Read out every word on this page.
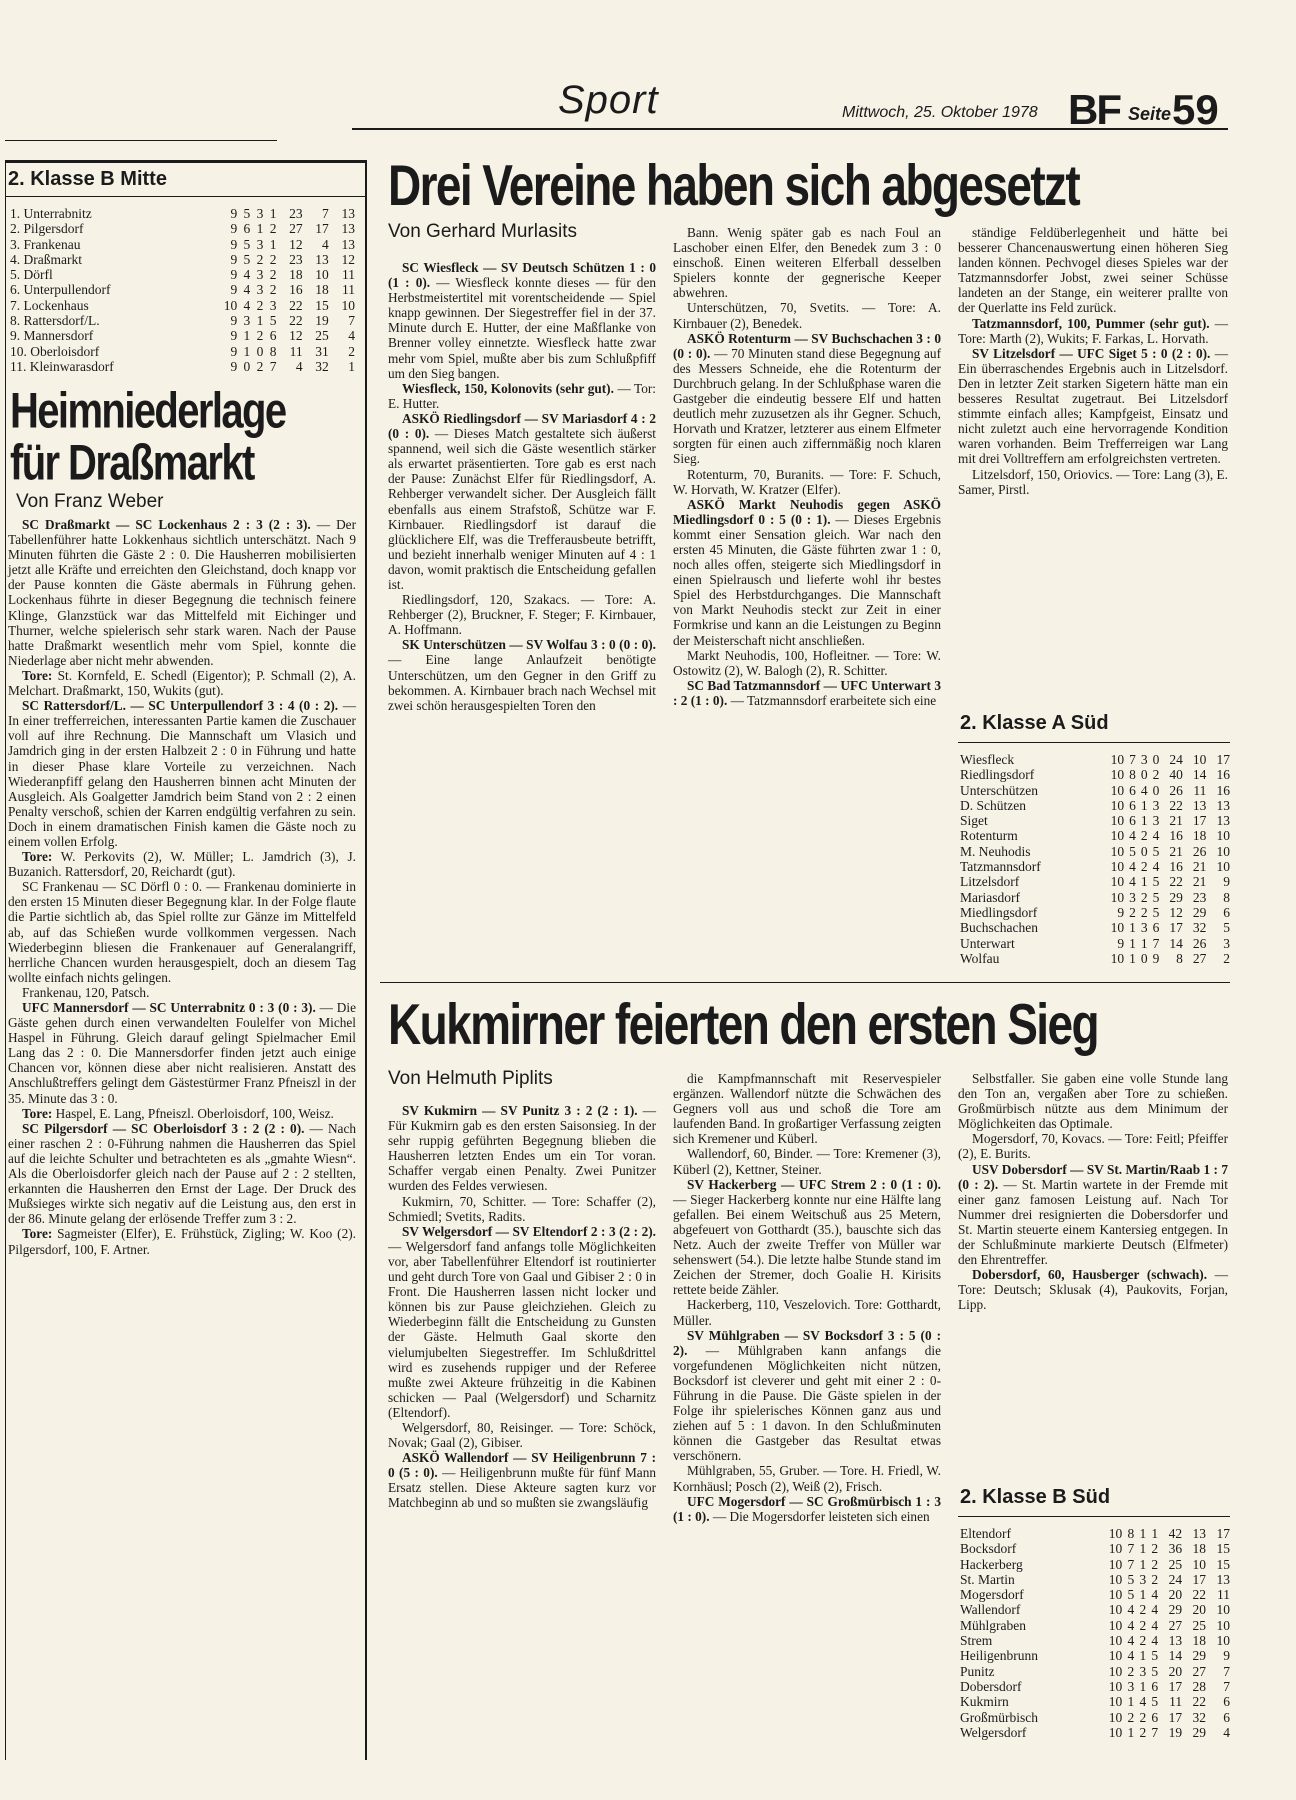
Sport	Mittwoch, 25. Oktober 1978 BF Seite 59
2. Klasse B Mitte
1. Unterrabnitz	9	5	3	1	23	7	13
2. Pilgersdorf	9	6	1	2	27	17	13
3. Frankenau	9	5	3	1	12	4	13
4. Draßmarkt	9	5	2	2	23	13	12
5. Dörfl	9	4	3	2	18	10	11
6. Unterpullendorf	9	4	3	2	16	18	11
7. Lockenhaus	10	4	2	3	22	15	10
8. Rattersdorf/L.	9	3	1	5	22	19	7
9. Mannersdorf	9	1	2	6	12	25	4
10. Oberloisdorf	9	1	0	8	11	31	2
11. Kleinwarasdorf	9	0	2	7	4	32	1
Heimniederlage
für Draßmarkt
Von Franz Weber

SC Draßmarkt — SC Lockenhaus 2 : 3 (2 : 3). — Der Tabellenführer hatte Lokkenhaus sichtlich unterschätzt. Nach 9 Minuten führten die Gäste 2 : 0. Die Hausherren mobilisierten jetzt alle Kräfte und erreichten den Gleichstand, doch knapp vor der Pause konnten die Gäste abermals in Führung gehen. Lockenhaus führte in dieser Begegnung die technisch feinere Klinge, Glanzstück war das Mittelfeld mit Eichinger und Thurner, welche spielerisch sehr stark waren. Nach der Pause hatte Draßmarkt wesentlich mehr vom Spiel, konnte die Niederlage aber nicht mehr abwenden.

Tore: St. Kornfeld, E. Schedl (Eigentor); P. Schmall (2), A. Melchart. Draßmarkt, 150, Wukits (gut).

SC Rattersdorf/L. — SC Unterpullendorf 3 : 4 (0 : 2). — In einer trefferreichen, interessanten Partie kamen die Zuschauer voll auf ihre Rechnung. Die Mannschaft um Vlasich und Jamdrich ging in der ersten Halbzeit 2 : 0 in Führung und hatte in dieser Phase klare Vorteile zu verzeichnen. Nach Wiederanpfiff gelang den Hausherren binnen acht Minuten der Ausgleich. Als Goalgetter Jamdrich beim Stand von 2 : 2 einen Penalty verschoß, schien der Karren endgültig verfahren zu sein. Doch in einem dramatischen Finish kamen die Gäste noch zu einem vollen Erfolg.

Tore: W. Perkovits (2), W. Müller; L. Jamdrich (3), J. Buzanich. Rattersdorf, 20, Reichardt (gut).

SC Frankenau — SC Dörfl 0 : 0. — Frankenau dominierte in den ersten 15 Minuten dieser Begegnung klar. In der Folge flaute die Partie sichtlich ab, das Spiel rollte zur Gänze im Mittelfeld ab, auf das Schießen wurde vollkommen vergessen. Nach Wiederbeginn bliesen die Frankenauer auf Generalangriff, herrliche Chancen wurden herausgespielt, doch an diesem Tag wollte einfach nichts gelingen.

Frankenau, 120, Patsch.

UFC Mannersdorf — SC Unterrabnitz 0 : 3 (0 : 3). — Die Gäste gehen durch einen verwandelten Foulelfer von Michel Haspel in Führung. Gleich darauf gelingt Spielmacher Emil Lang das 2 : 0. Die Mannersdorfer finden jetzt auch einige Chancen vor, können diese aber nicht realisieren. Anstatt des Anschlußtreffers gelingt dem Gästestürmer Franz Pfneiszl in der 35. Minute das 3 : 0.

Tore: Haspel, E. Lang, Pfneiszl. Oberloisdorf, 100, Weisz.

SC Pilgersdorf — SC Oberloisdorf 3 : 2 (2 : 0). — Nach einer raschen 2 : 0-Führung nahmen die Hausherren das Spiel auf die leichte Schulter und betrachteten es als „gmahte Wiesn“. Als die Oberloisdorfer gleich nach der Pause auf 2 : 2 stellten, erkannten die Hausherren den Ernst der Lage. Der Druck des Mußsieges wirkte sich negativ auf die Leistung aus, den erst in der 86. Minute gelang der erlösende Treffer zum 3 : 2.

Tore: Sagmeister (Elfer), E. Frühstück, Zigling; W. Koo (2). Pilgersdorf, 100, F. Artner.

Drei Vereine haben sich abgesetzt
Von Gerhard Murlasits

SC Wiesfleck — SV Deutsch Schützen 1 : 0 (1 : 0). — Wiesfleck konnte dieses — für den Herbstmeistertitel mit vorentscheidende — Spiel knapp gewinnen. Der Siegestreffer fiel in der 37. Minute durch E. Hutter, der eine Maßflanke von Brenner volley einnetzte. Wiesfleck hatte zwar mehr vom Spiel, mußte aber bis zum Schlußpfiff um den Sieg bangen.

Wiesfleck, 150, Kolonovits (sehr gut). — Tor: E. Hutter.

ASKÖ Riedlingsdorf — SV Mariasdorf 4 : 2 (0 : 0). — Dieses Match gestaltete sich äußerst spannend, weil sich die Gäste wesentlich stärker als erwartet präsentierten. Tore gab es erst nach der Pause: Zunächst Elfer für Riedlingsdorf, A. Rehberger verwandelt sicher. Der Ausgleich fällt ebenfalls aus einem Strafstoß, Schütze war F. Kirnbauer. Riedlingsdorf ist darauf die glücklichere Elf, was die Trefferausbeute betrifft, und bezieht innerhalb weniger Minuten auf 4 : 1 davon, womit praktisch die Entscheidung gefallen ist.

Riedlingsdorf, 120, Szakacs. — Tore: A. Rehberger (2), Bruckner, F. Steger; F. Kirnbauer, A. Hoffmann.

SK Unterschützen — SV Wolfau 3 : 0 (0 : 0). — Eine lange Anlaufzeit benötigte Unterschützen, um den Gegner in den Griff zu bekommen. A. Kirnbauer brach nach Wechsel mit zwei schön herausgespielten Toren den

Bann. Wenig später gab es nach Foul an Laschober einen Elfer, den Benedek zum 3 : 0 einschoß. Einen weiteren Elferball desselben Spielers konnte der gegnerische Keeper abwehren.

Unterschützen, 70, Svetits. — Tore: A. Kirnbauer (2), Benedek.

ASKÖ Rotenturm — SV Buchschachen 3 : 0 (0 : 0). — 70 Minuten stand diese Begegnung auf des Messers Schneide, ehe die Rotenturm der Durchbruch gelang. In der Schlußphase waren die Gastgeber die eindeutig bessere Elf und hatten deutlich mehr zuzusetzen als ihr Gegner. Schuch, Horvath und Kratzer, letzterer aus einem Elfmeter sorgten für einen auch ziffernmäßig noch klaren Sieg.

Rotenturm, 70, Buranits. — Tore: F. Schuch, W. Horvath, W. Kratzer (Elfer).

ASKÖ Markt Neuhodis gegen ASKÖ Miedlingsdorf 0 : 5 (0 : 1). — Dieses Ergebnis kommt einer Sensation gleich. War nach den ersten 45 Minuten, die Gäste führten zwar 1 : 0, noch alles offen, steigerte sich Miedlingsdorf in einen Spielrausch und lieferte wohl ihr bestes Spiel des Herbstdurchganges. Die Mannschaft von Markt Neuhodis steckt zur Zeit in einer Formkrise und kann an die Leistungen zu Beginn der Meisterschaft nicht anschließen.

Markt Neuhodis, 100, Hofleitner. — Tore: W. Ostowitz (2), W. Balogh (2), R. Schitter.

SC Bad Tatzmannsdorf — UFC Unterwart 3 : 2 (1 : 0). — Tatzmannsdorf erarbeitete sich eine

ständige Feldüberlegenheit und hätte bei besserer Chancenauswertung einen höheren Sieg landen können. Pechvogel dieses Spieles war der Tatzmannsdorfer Jobst, zwei seiner Schüsse landeten an der Stange, ein weiterer prallte von der Querlatte ins Feld zurück.

Tatzmannsdorf, 100, Pummer (sehr gut). — Tore: Marth (2), Wukits; F. Farkas, L. Horvath.

SV Litzelsdorf — UFC Siget 5 : 0 (2 : 0). — Ein überraschendes Ergebnis auch in Litzelsdorf. Den in letzter Zeit starken Sigetern hätte man ein besseres Resultat zugetraut. Bei Litzelsdorf stimmte einfach alles; Kampfgeist, Einsatz und nicht zuletzt auch eine hervorragende Kondition waren vorhanden. Beim Trefferreigen war Lang mit drei Volltreffern am erfolgreichsten vertreten.

Litzelsdorf, 150, Oriovics. — Tore: Lang (3), E. Samer, Pirstl.

2. Klasse A Süd
Wiesfleck	10	7	3	0	24	10	17
Riedlingsdorf	10	8	0	2	40	14	16
Unterschützen	10	6	4	0	26	11	16
D. Schützen	10	6	1	3	22	13	13
Siget	10	6	1	3	21	17	13
Rotenturm	10	4	2	4	16	18	10
M. Neuhodis	10	5	0	5	21	26	10
Tatzmannsdorf	10	4	2	4	16	21	10
Litzelsdorf	10	4	1	5	22	21	9
Mariasdorf	10	3	2	5	29	23	8
Miedlingsdorf	9	2	2	5	12	29	6
Buchschachen	10	1	3	6	17	32	5
Unterwart	9	1	1	7	14	26	3
Wolfau	10	1	0	9	8	27	2
Kukmirner feierten den ersten Sieg
Von Helmuth Piplits

SV Kukmirn — SV Punitz 3 : 2 (2 : 1). — Für Kukmirn gab es den ersten Saisonsieg. In der sehr ruppig geführten Begegnung blieben die Hausherren letzten Endes um ein Tor voran. Schaffer vergab einen Penalty. Zwei Punitzer wurden des Feldes verwiesen.

Kukmirn, 70, Schitter. — Tore: Schaffer (2), Schmiedl; Svetits, Radits.

SV Welgersdorf — SV Eltendorf 2 : 3 (2 : 2). — Welgersdorf fand anfangs tolle Möglichkeiten vor, aber Tabellenführer Eltendorf ist routinierter und geht durch Tore von Gaal und Gibiser 2 : 0 in Front. Die Hausherren lassen nicht locker und können bis zur Pause gleichziehen. Gleich zu Wiederbeginn fällt die Entscheidung zu Gunsten der Gäste. Helmuth Gaal skorte den vielumjubelten Siegestreffer. Im Schlußdrittel wird es zusehends ruppiger und der Referee mußte zwei Akteure frühzeitig in die Kabinen schicken — Paal (Welgersdorf) und Scharnitz (Eltendorf).

Welgersdorf, 80, Reisinger. — Tore: Schöck, Novak; Gaal (2), Gibiser.

ASKÖ Wallendorf — SV Heiligenbrunn 7 : 0 (5 : 0). — Heiligenbrunn mußte für fünf Mann Ersatz stellen. Diese Akteure sagten kurz vor Matchbeginn ab und so mußten sie zwangsläufig

die Kampfmannschaft mit Reservespieler ergänzen. Wallendorf nützte die Schwächen des Gegners voll aus und schoß die Tore am laufenden Band. In großartiger Verfassung zeigten sich Kremener und Küberl.

Wallendorf, 60, Binder. — Tore: Kremener (3), Küberl (2), Kettner, Steiner.

SV Hackerberg — UFC Strem 2 : 0 (1 : 0). — Sieger Hackerberg konnte nur eine Hälfte lang gefallen. Bei einem Weitschuß aus 25 Metern, abgefeuert von Gotthardt (35.), bauschte sich das Netz. Auch der zweite Treffer von Müller war sehenswert (54.). Die letzte halbe Stunde stand im Zeichen der Stremer, doch Goalie H. Kirisits rettete beide Zähler.

Hackerberg, 110, Veszelovich. Tore: Gotthardt, Müller.

SV Mühlgraben — SV Bocksdorf 3 : 5 (0 : 2). — Mühlgraben kann anfangs die vorgefundenen Möglichkeiten nicht nützen, Bocksdorf ist cleverer und geht mit einer 2 : 0-Führung in die Pause. Die Gäste spielen in der Folge ihr spielerisches Können ganz aus und ziehen auf 5 : 1 davon. In den Schlußminuten können die Gastgeber das Resultat etwas verschönern.

Mühlgraben, 55, Gruber. — Tore. H. Friedl, W. Kornhäusl; Posch (2), Weiß (2), Frisch.

UFC Mogersdorf — SC Großmürbisch 1 : 3 (1 : 0). — Die Mogersdorfer leisteten sich einen

Selbstfaller. Sie gaben eine volle Stunde lang den Ton an, vergaßen aber Tore zu schießen. Großmürbisch nützte aus dem Minimum der Möglichkeiten das Optimale.

Mogersdorf, 70, Kovacs. — Tore: Feitl; Pfeiffer (2), E. Burits.

USV Dobersdorf — SV St. Martin/Raab 1 : 7 (0 : 2). — St. Martin wartete in der Fremde mit einer ganz famosen Leistung auf. Nach Tor Nummer drei resignierten die Dobersdorfer und St. Martin steuerte einem Kantersieg entgegen. In der Schlußminute markierte Deutsch (Elfmeter) den Ehrentreffer.

Dobersdorf, 60, Hausberger (schwach). — Tore: Deutsch; Sklusak (4), Paukovits, Forjan, Lipp.

2. Klasse B Süd
Eltendorf	10	8	1	1	42	13	17
Bocksdorf	10	7	1	2	36	18	15
Hackerberg	10	7	1	2	25	10	15
St. Martin	10	5	3	2	24	17	13
Mogersdorf	10	5	1	4	20	22	11
Wallendorf	10	4	2	4	29	20	10
Mühlgraben	10	4	2	4	27	25	10
Strem	10	4	2	4	13	18	10
Heiligenbrunn	10	4	1	5	14	29	9
Punitz	10	2	3	5	20	27	7
Dobersdorf	10	3	1	6	17	28	7
Kukmirn	10	1	4	5	11	22	6
Großmürbisch	10	2	2	6	17	32	6
Welgersdorf	10	1	2	7	19	29	4
